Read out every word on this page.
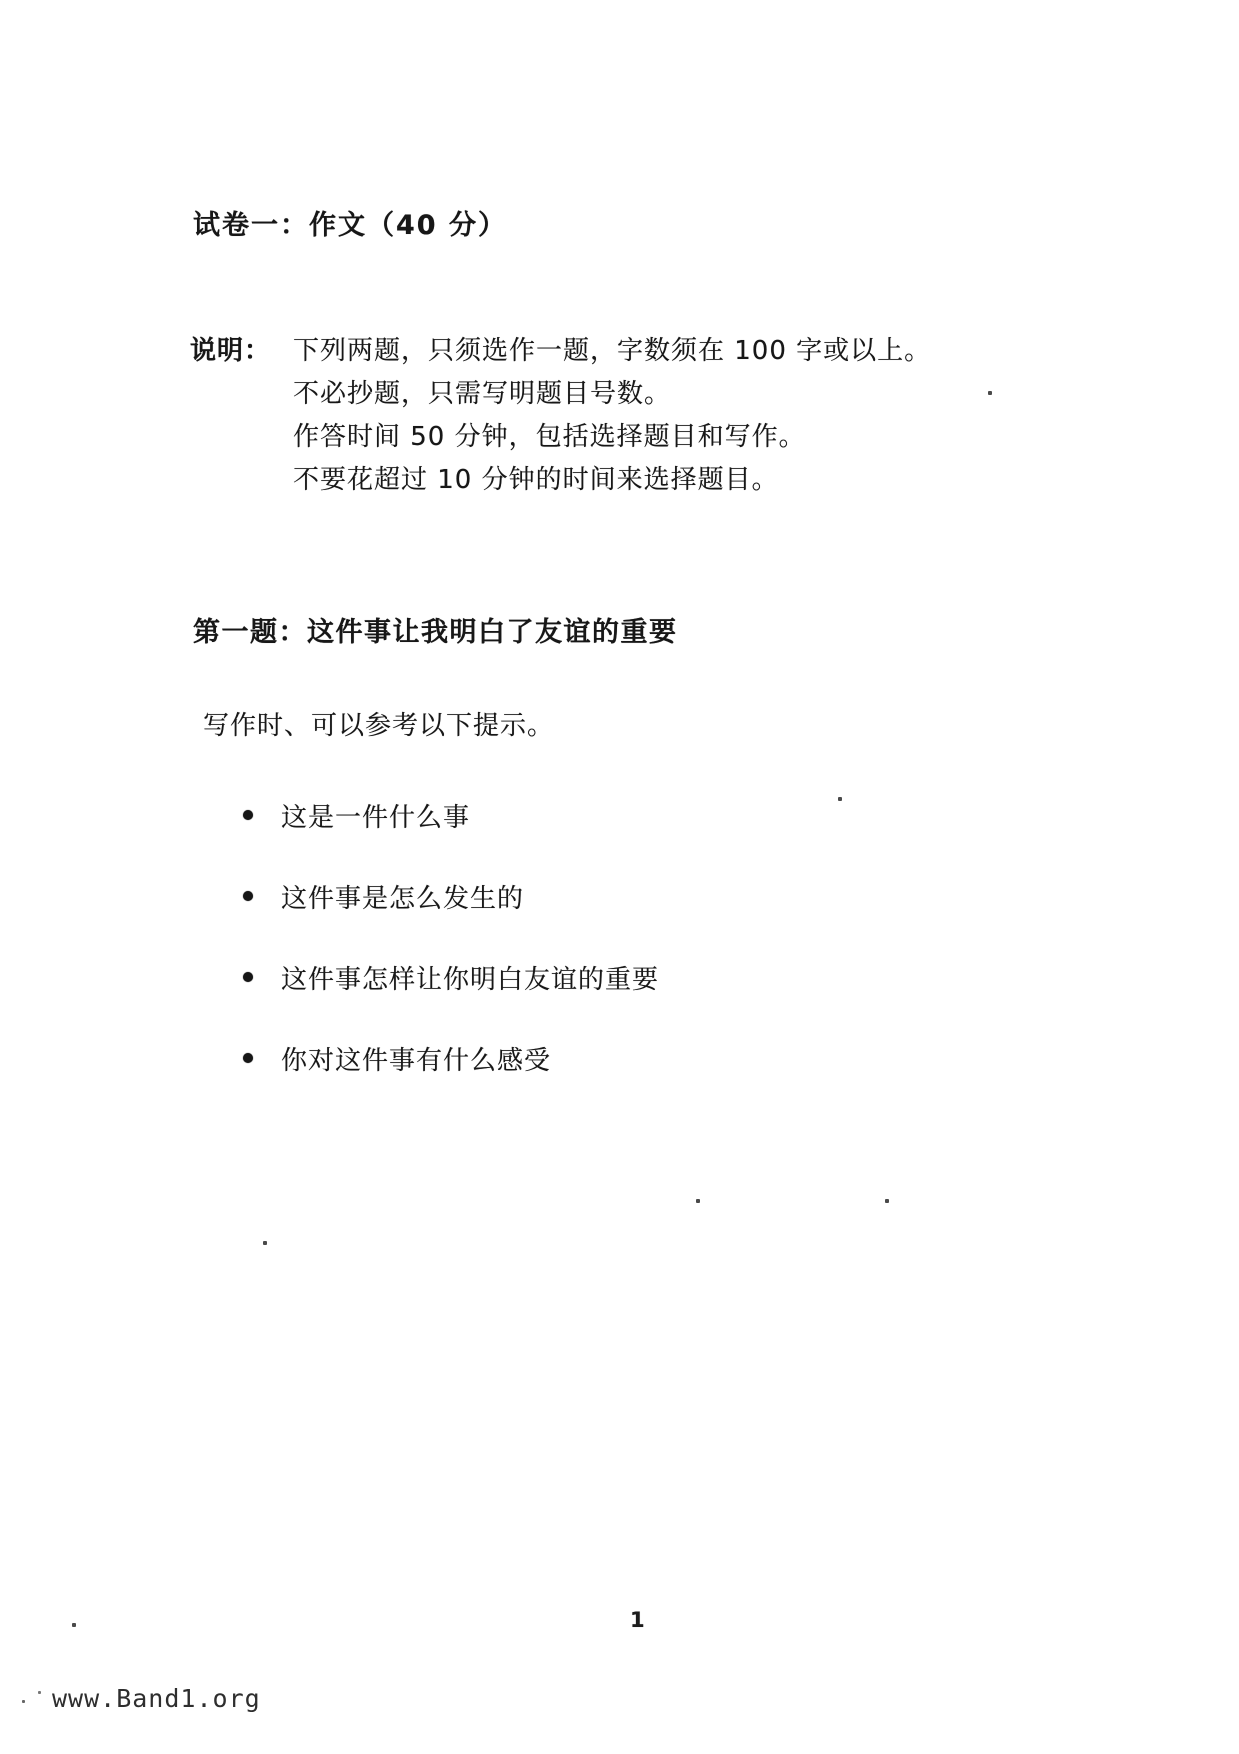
试卷一：作文（40 分）
说明： 下列两题，只须选作一题，字数须在 100 字或以上。
不必抄题，只需写明题目号数。
作答时间 50 分钟，包括选择题目和写作。
不要花超过 10 分钟的时间来选择题目。
第一题：这件事让我明白了友谊的重要
写作时、可以参考以下提示。
这是一件什么事
这件事是怎么发生的
这件事怎样让你明白友谊的重要
你对这件事有什么感受
1
www.Band1.org
